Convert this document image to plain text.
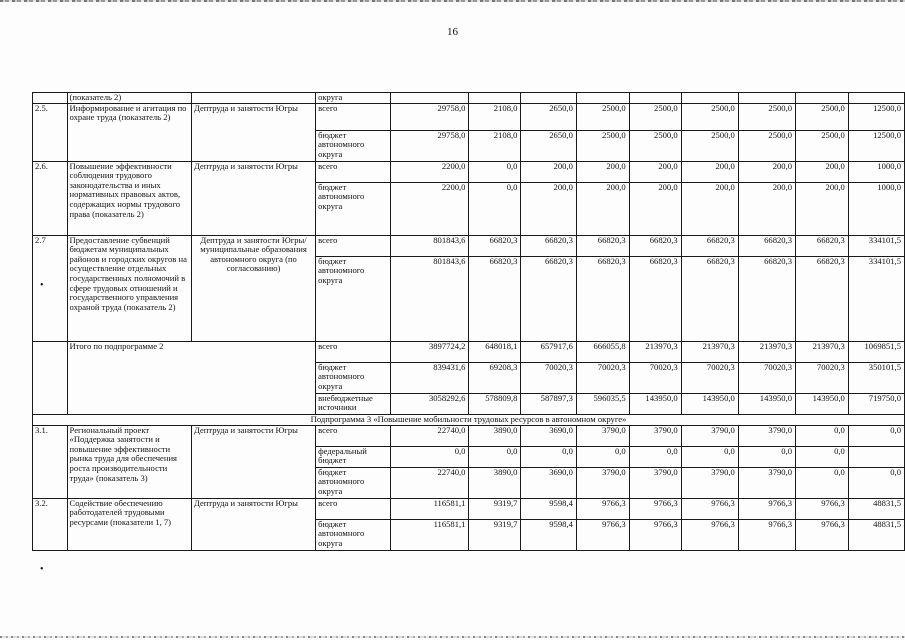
16
	(показатель 2)		округа									
2.5.	Информирование и агитация по охране труда (показатель 2)	Дептруда и занятости Югры	всего	29758,0	2108,0	2650,0	2500,0	2500,0	2500,0	2500,0	2500,0	12500,0
			бюджет автономного округа	29758,0	2108,0	2650,0	2500,0	2500,0	2500,0	2500,0	2500,0	12500,0
2.6.	Повышение эффективности соблюдения трудового законодательства и иных нормативных правовых актов, содержащих нормы трудового права (показатель 2)	Дептруда и занятости Югры	всего	2200,0	0,0	200,0	200,0	200,0	200,0	200,0	200,0	1000,0
			бюджет автономного округа	2200,0	0,0	200,0	200,0	200,0	200,0	200,0	200,0	1000,0
2.7	Предоставление субвенций бюджетам муниципальных районов и городских округов на осуществление отдельных государственных полномочий в сфере трудовых отношений и государственного управления охраной труда (показатель 2)	Дептруда и занятости Югры/муниципальные образования автономного округа (по согласованию)	всего	801843,6	66820,3	66820,3	66820,3	66820,3	66820,3	66820,3	66820,3	334101,5
			бюджет автономного округа	801843,6	66820,3	66820,3	66820,3	66820,3	66820,3	66820,3	66820,3	334101,5
	Итого по подпрограмме 2		всего	3897724,2	648018,1	657917,6	666055,8	213970,3	213970,3	213970,3	213970,3	1069851,5
			бюджет автономного округа	839431,6	69208,3	70020,3	70020,3	70020,3	70020,3	70020,3	70020,3	350101,5
			внебюджетные источники	3058292,6	578809,8	587897,3	596035,5	143950,0	143950,0	143950,0	143950,0	719750,0
Подпрограмма 3 «Повышение мобильности трудовых ресурсов в автономном округе»												
3.1.	Региональный проект «Поддержка занятости и повышение эффективности рынка труда для обеспечения роста производительности труда» (показатель 3)	Дептруда и занятости Югры	всего	22740,0	3890,0	3690,0	3790,0	3790,0	3790,0	3790,0	0,0	0,0
			федеральный бюджет	0,0	0,0	0,0	0,0	0,0	0,0	0,0	0,0	
			бюджет автономного округа	22740,0	3890,0	3690,0	3790,0	3790,0	3790,0	3790,0	0,0	0,0
3.2.	Содействие обеспечению работодателей трудовыми ресурсами (показатели 1, 7)	Дептруда и занятости Югры	всего	116581,1	9319,7	9598,4	9766,3	9766,3	9766,3	9766,3	9766,3	48831,5
			бюджет автономного округа	116581,1	9319,7	9598,4	9766,3	9766,3	9766,3	9766,3	9766,3	48831,5
•
•
